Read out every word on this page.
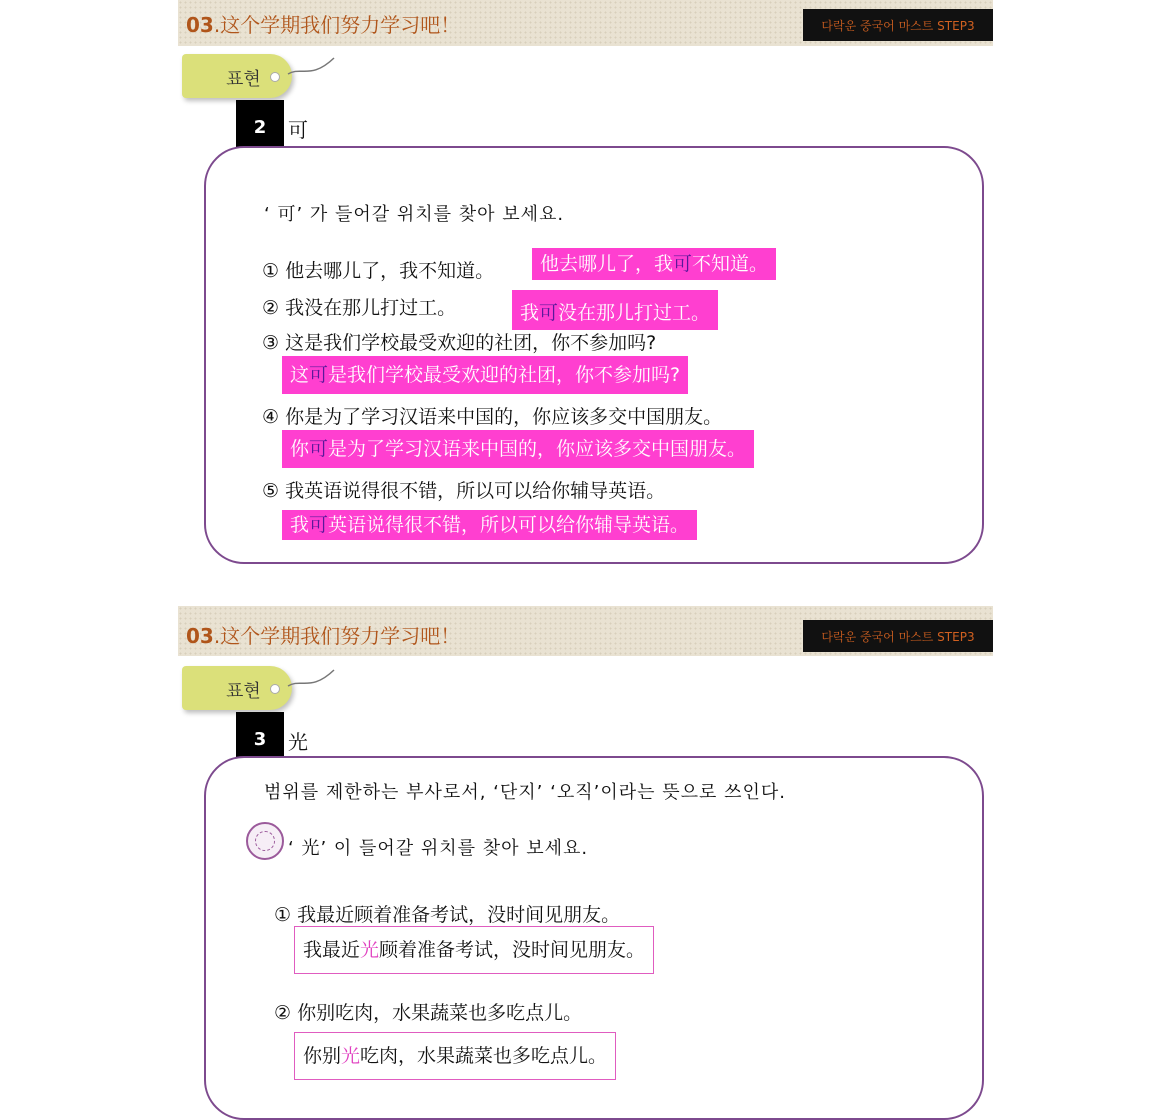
03.这个学期我们努力学习吧！	다락운 중국어 마스트 STEP3
표현
2	可
‘ 可’ 가 들어갈 위치를 찾아 보세요.
① 他去哪儿了，我不知道。	他去哪儿了，我可不知道。
② 我没在那儿打过工。	我可没在那儿打过工。
③ 这是我们学校最受欢迎的社团，你不参加吗?
这可是我们学校最受欢迎的社团，你不参加吗?
④ 你是为了学习汉语来中国的，你应该多交中国朋友。
你可是为了学习汉语来中国的，你应该多交中国朋友。
⑤ 我英语说得很不错，所以可以给你辅导英语。
我可英语说得很不错，所以可以给你辅导英语。
03.这个学期我们努力学习吧！	다락운 중국어 마스트 STEP3
표현
3	光
범위를 제한하는 부사로서, ‘단지’ ‘오직’이라는 뜻으로 쓰인다.
‘ 光’ 이 들어갈 위치를 찾아 보세요.
① 我最近顾着准备考试，没时间见朋友。
我最近光顾着准备考试，没时间见朋友。
② 你别吃肉，水果蔬菜也多吃点儿。
你别光吃肉，水果蔬菜也多吃点儿。
